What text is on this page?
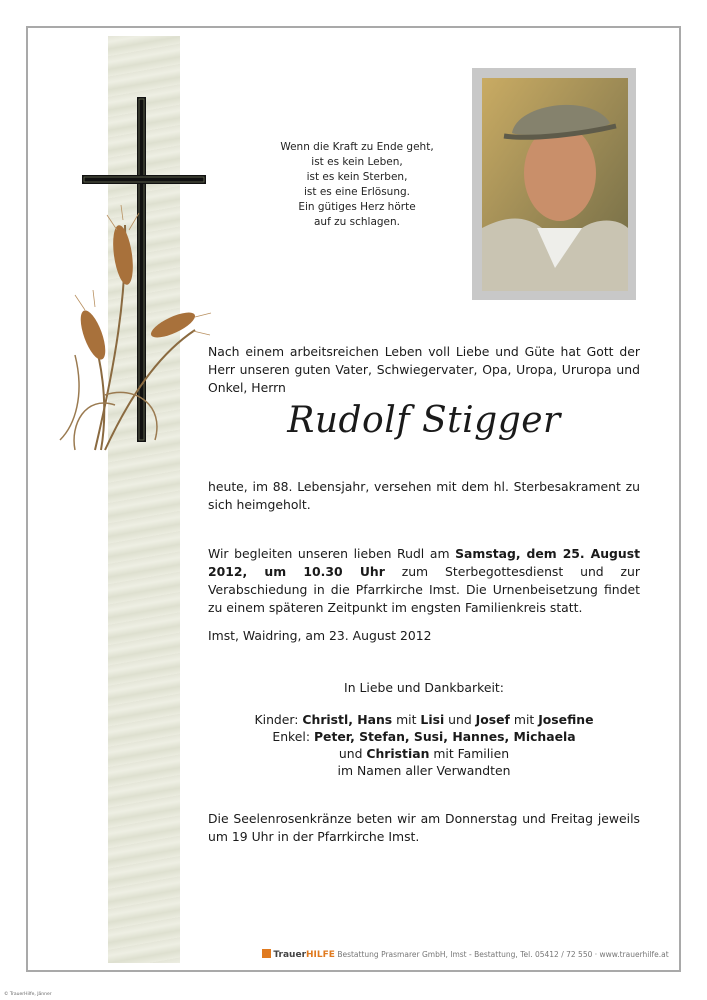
Wenn die Kraft zu Ende geht,
ist es kein Leben,
ist es kein Sterben,
ist es eine Erlösung.
Ein gütiges Herz hörte
auf zu schlagen.
Nach einem arbeitsreichen Leben voll Liebe und Güte hat Gott der Herr unseren guten Vater, Schwiegervater, Opa, Uropa, Ururopa und Onkel, Herrn
Rudolf Stigger
heute, im 88. Lebensjahr, versehen mit dem hl. Sterbesakrament zu sich heimgeholt.
Wir begleiten unseren lieben Rudl am Samstag, dem 25. August 2012, um 10.30 Uhr zum Sterbegottesdienst und zur Verabschiedung in die Pfarrkirche Imst. Die Urnenbeisetzung findet zu einem späteren Zeitpunkt im engsten Familienkreis statt.
Imst, Waidring, am 23. August 2012
In Liebe und Dankbarkeit:
Kinder: Christl, Hans mit Lisi und Josef mit Josefine
Enkel: Peter, Stefan, Susi, Hannes, Michaela
und Christian mit Familien
im Namen aller Verwandten
Die Seelenrosenkränze beten wir am Donnerstag und Freitag jeweils um 19 Uhr in der Pfarrkirche Imst.
TrauerHILFE Bestattung Prasmarer GmbH, Imst - Bestattung, Tel. 05412 / 72 550 · www.trauerhilfe.at
© TrauerHilfe, Jänner
